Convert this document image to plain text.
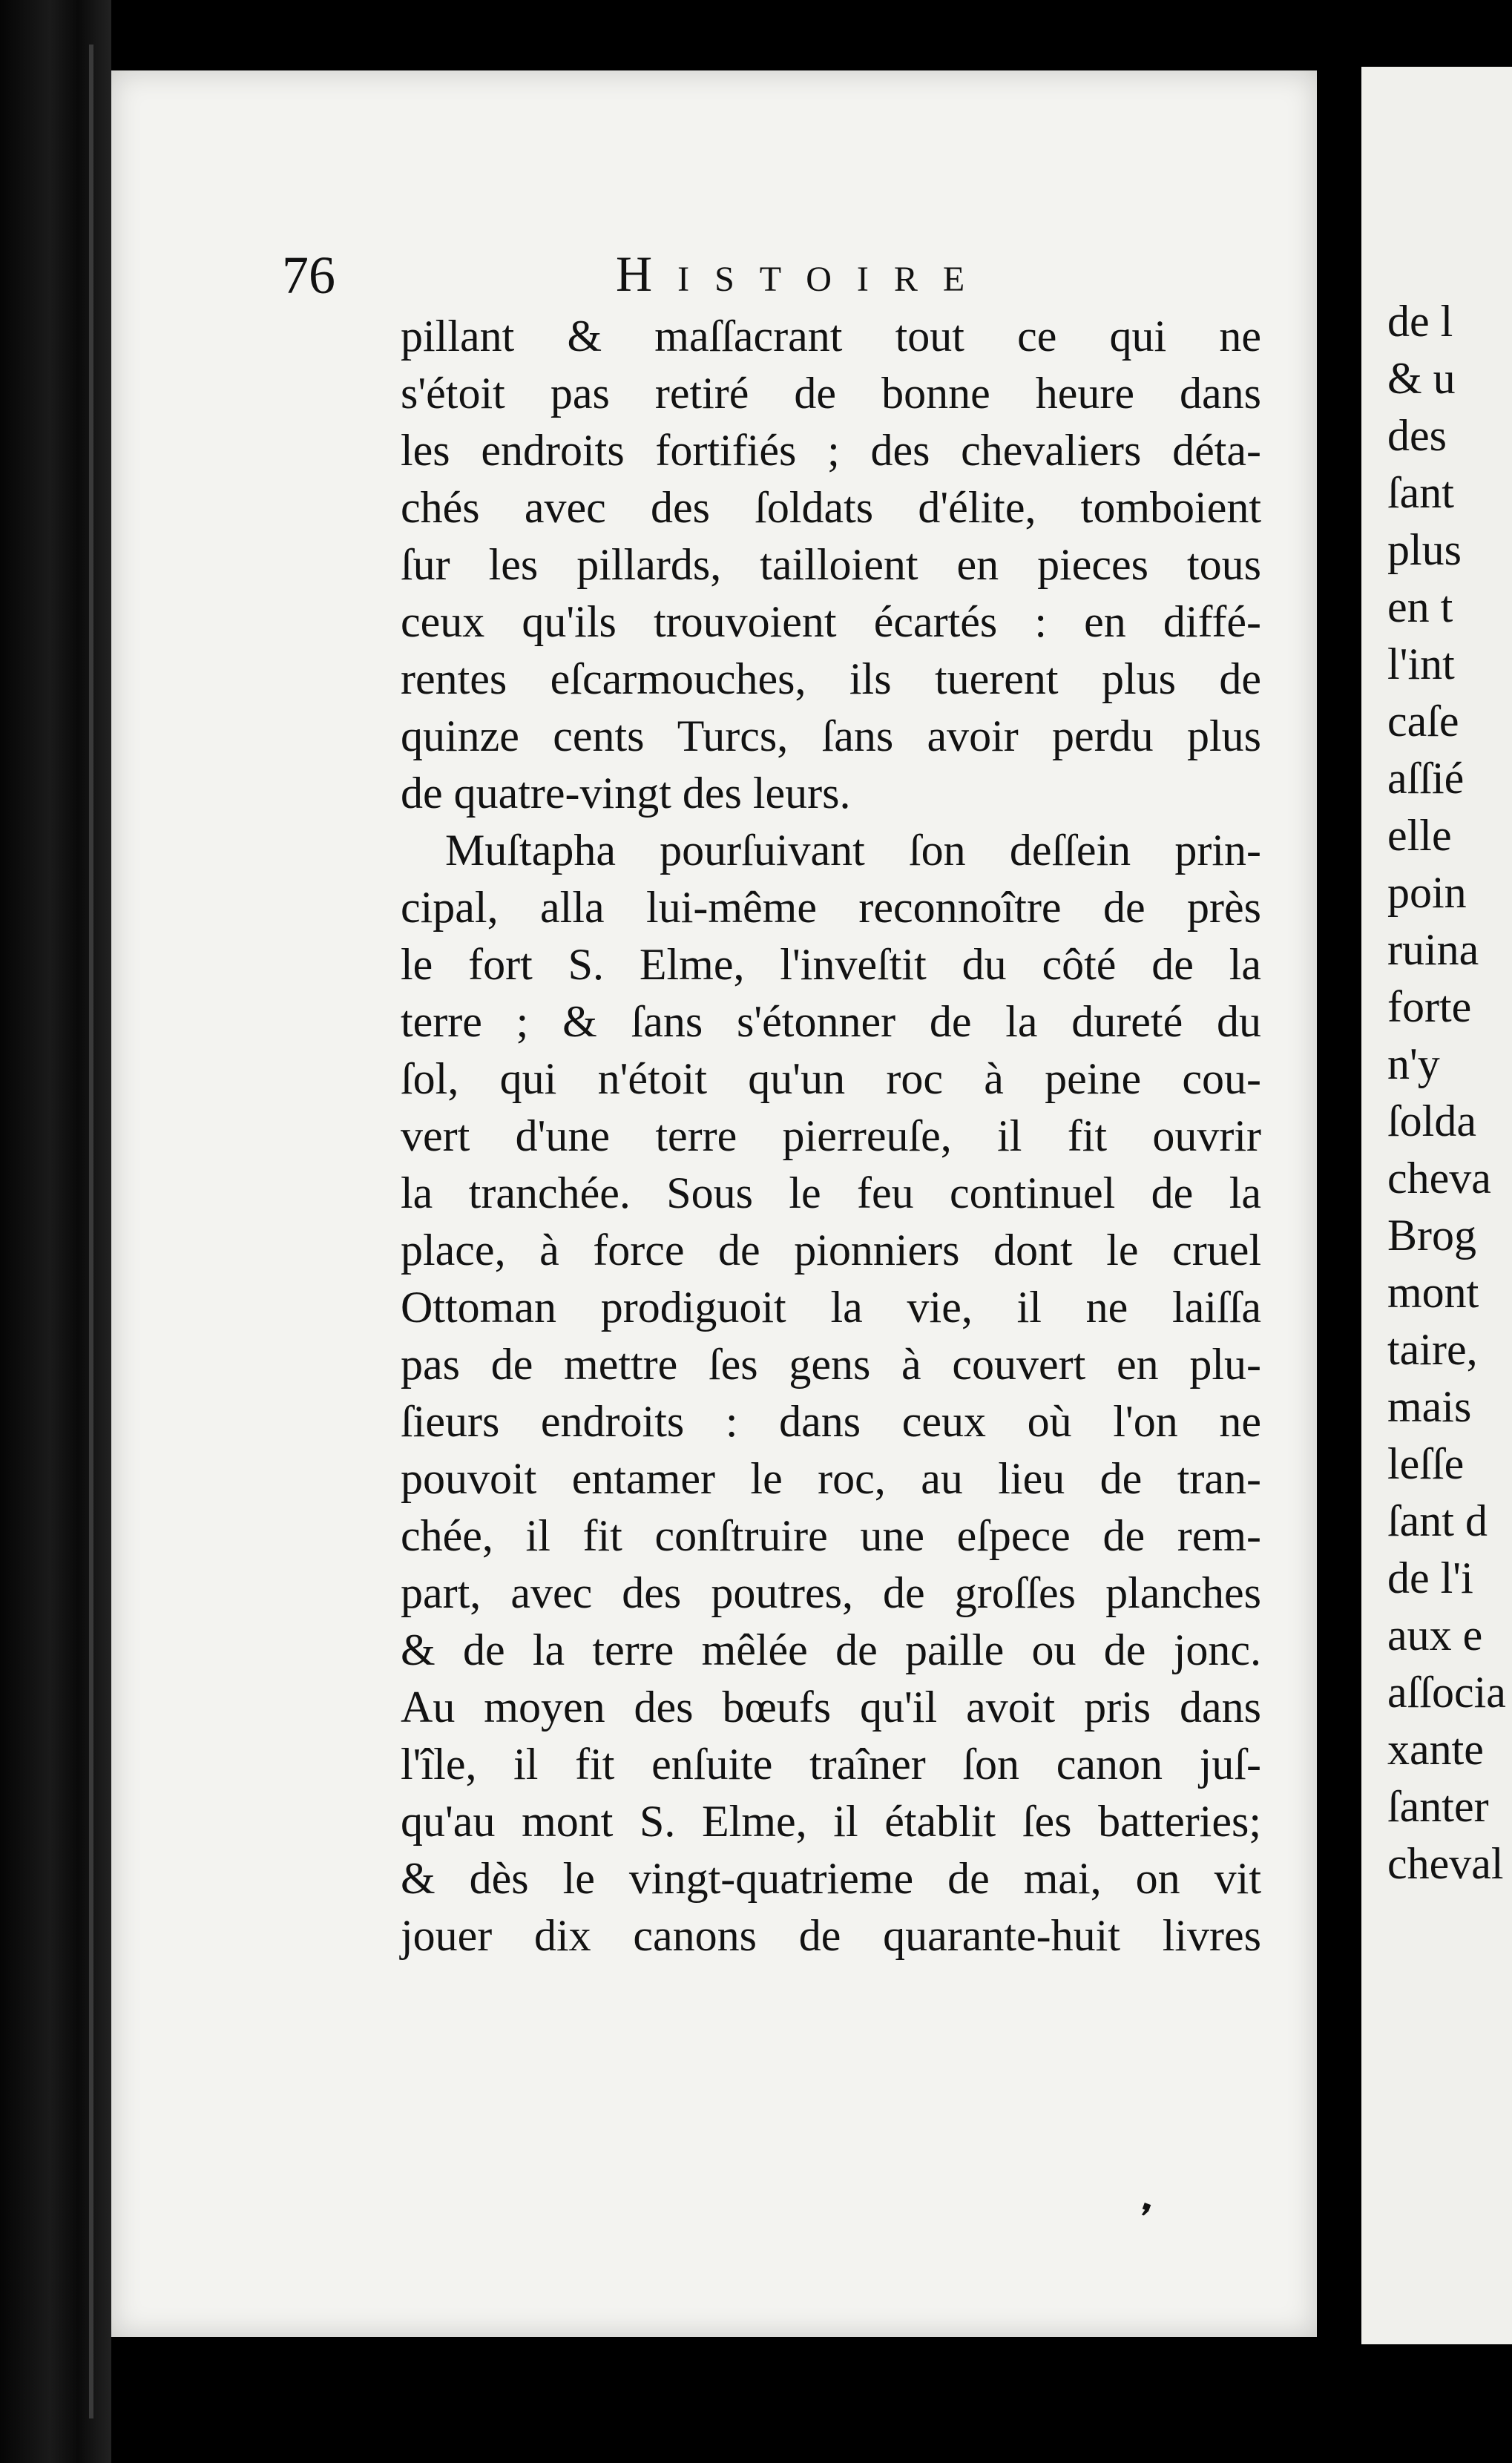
76	Histoire
pillant & maſſacrant tout ce qui ne
s'étoit pas retiré de bonne heure dans
les endroits fortifiés ; des chevaliers déta-
chés avec des ſoldats d'élite, tomboient
ſur les pillards, tailloient en pieces tous
ceux qu'ils trouvoient écartés : en diffé-
rentes eſcarmouches, ils tuerent plus de
quinze cents Turcs, ſans avoir perdu plus
de quatre-vingt des leurs.
Muſtapha pourſuivant ſon deſſein prin-
cipal, alla lui-même reconnoître de près
le fort S. Elme, l'inveſtit du côté de la
terre ; & ſans s'étonner de la dureté du
ſol, qui n'étoit qu'un roc à peine cou-
vert d'une terre pierreuſe, il fit ouvrir
la tranchée. Sous le feu continuel de la
place, à force de pionniers dont le cruel
Ottoman prodiguoit la vie, il ne laiſſa
pas de mettre ſes gens à couvert en plu-
ſieurs endroits : dans ceux où l'on ne
pouvoit entamer le roc, au lieu de tran-
chée, il fit conſtruire une eſpece de rem-
part, avec des poutres, de groſſes planches
& de la terre mêlée de paille ou de jonc.
Au moyen des bœufs qu'il avoit pris dans
l'île, il fit enſuite traîner ſon canon juſ-
qu'au mont S. Elme, il établit ſes batteries;
& dès le vingt-quatrieme de mai, on vit
jouer dix canons de quarante-huit livres
de l
& u
des
ſant
plus
en t
l'int
caſe
aſſié
elle
poin
ruina
forte
n'y
ſolda
cheva
Brog
mont
taire,
mais
leſſe
ſant d
de l'i
aux e
aſſocia
xante
ſanter
cheval
❜
